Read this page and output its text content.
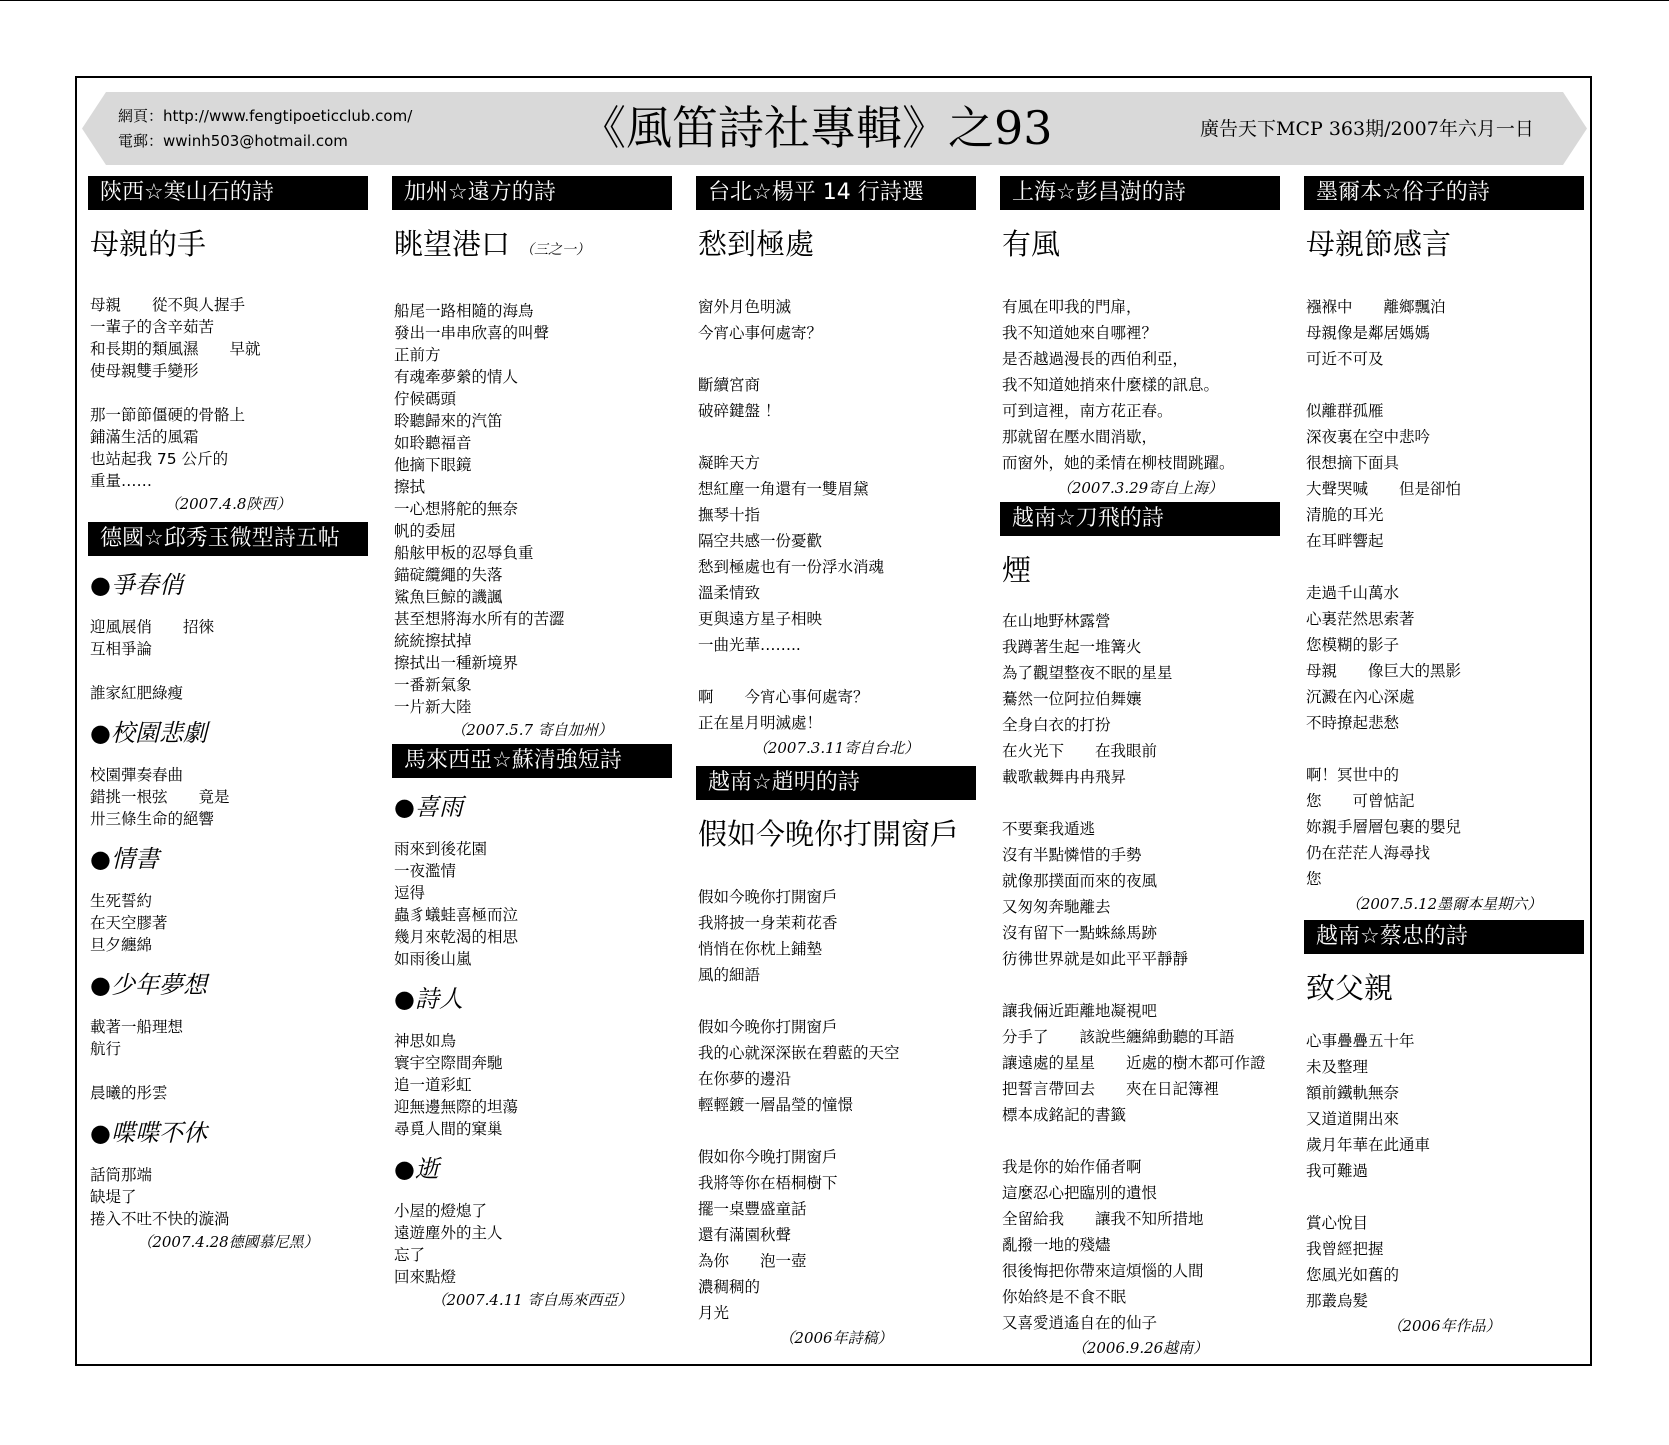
網頁：http://www.fengtipoeticclub.com/
電郵：wwinh503@hotmail.com	《風笛詩社專輯》之93	廣告天下MCP 363期/2007年六月一日
陝西☆寒山石的詩
母親的手
母親　　從不與人握手
一輩子的含辛茹苦
和長期的類風濕　　早就
使母親雙手變形
那一節節僵硬的骨骼上
鋪滿生活的風霜
也站起我 75 公斤的
重量……
（2007.4.8陝西）
德國☆邱秀玉微型詩五帖
●爭春俏
迎風展俏　　招徠
互相爭論
誰家紅肥綠瘦
●校園悲劇
校園彈奏春曲
錯挑一根弦　　竟是
卅三條生命的絕響
●情書
生死誓約
在天空膠著
旦夕纏綿
●少年夢想
載著一船理想
航行
晨曦的彤雲
●喋喋不休
話筒那端
缺堤了
捲入不吐不快的漩渦
（2007.4.28德國慕尼黑）
加州☆遠方的詩
眺望港口 （三之一）
船尾一路相隨的海鳥
發出一串串欣喜的叫聲
正前方
有魂牽夢縈的情人
佇候碼頭
聆聽歸來的汽笛
如聆聽福音
他摘下眼鏡
擦拭
一心想將舵的無奈
帆的委屈
船舷甲板的忍辱負重
錨碇纜繩的失落
鯊魚巨鯨的譏諷
甚至想將海水所有的苦澀
統統擦拭掉
擦拭出一種新境界
一番新氣象
一片新大陸
（2007.5.7 寄自加州）
馬來西亞☆蘇清強短詩
●喜雨
雨來到後花園
一夜濫情
逗得
蟲豸蟻蛙喜極而泣
幾月來乾渴的相思
如雨後山嵐
●詩人
神思如鳥
寰宇空際間奔馳
追一道彩虹
迎無邊無際的坦蕩
尋覓人間的窠巢
●逝
小屋的燈熄了
遠遊塵外的主人
忘了
回來點燈
（2007.4.11 寄自馬來西亞）
台北☆楊平 14 行詩選
愁到極處
窗外月色明滅
今宵心事何處寄？
斷續宮商
破碎鍵盤 ！
凝眸天方
想紅塵一角還有一雙眉黛
撫琴十指
隔空共感一份憂歡
愁到極處也有一份浮水消魂
溫柔情致
更與遠方星子相映
一曲光華……..
啊　　今宵心事何處寄？
正在星月明滅處！
（2007.3.11寄自台北）
越南☆趙明的詩
假如今晚你打開窗戶
假如今晚你打開窗戶
我將披一身茉莉花香
悄悄在你枕上鋪墊
風的細語
假如今晚你打開窗戶
我的心就深深嵌在碧藍的天空
在你夢的邊沿
輕輕鍍一層晶瑩的憧憬
假如你今晚打開窗戶
我將等你在梧桐樹下
擺一桌豐盛童話
還有滿園秋聲
為你　　泡一壺
濃稠稠的
月光
（2006年詩稿）
上海☆彭昌澍的詩
有風
有風在叩我的門扉，
我不知道她來自哪裡？
是否越過漫長的西伯利亞，
我不知道她捎來什麼樣的訊息。
可到這裡，南方花正春。
那就留在壓水間消歇，
而窗外，她的柔情在柳枝間跳躍。
（2007.3.29寄自上海）
越南☆刀飛的詩
煙
在山地野林露營
我蹲著生起一堆篝火
為了觀望整夜不眠的星星
驀然一位阿拉伯舞孃
全身白衣的打扮
在火光下　　在我眼前
載歌載舞冉冉飛昇
不要棄我遁逃
沒有半點憐惜的手勢
就像那撲面而來的夜風
又匆匆奔馳離去
沒有留下一點蛛絲馬跡
彷彿世界就是如此平平靜靜
讓我倆近距離地凝視吧
分手了　　該說些纏綿動聽的耳語
讓遠處的星星　　近處的樹木都可作證
把誓言帶回去　　夾在日記簿裡
標本成銘記的書籤
我是你的始作俑者啊
這麼忍心把臨別的遺恨
全留給我　　讓我不知所措地
亂撥一地的殘燼
很後悔把你帶來這煩惱的人間
你始終是不食不眠
又喜愛逍遙自在的仙子
（2006.9.26越南）
墨爾本☆俗子的詩
母親節感言
襁褓中　　離鄉飄泊
母親像是鄰居媽媽
可近不可及
似離群孤雁
深夜裏在空中悲吟
很想摘下面具
大聲哭喊　　但是卻怕
清脆的耳光
在耳畔響起
走過千山萬水
心裏茫然思索著
您模糊的影子
母親　　像巨大的黑影
沉澱在內心深處
不時撩起悲愁
啊！冥世中的
您　　可曾惦記
妳親手層層包裹的嬰兒
仍在茫茫人海尋找
您
（2007.5.12墨爾本星期六）
越南☆蔡忠的詩
致父親
心事疊疊五十年
未及整理
額前鐵軌無奈
又道道開出來
歲月年華在此通車
我可難過
賞心悅目
我曾經把握
您風光如舊的
那叢烏髮
（2006年作品）
